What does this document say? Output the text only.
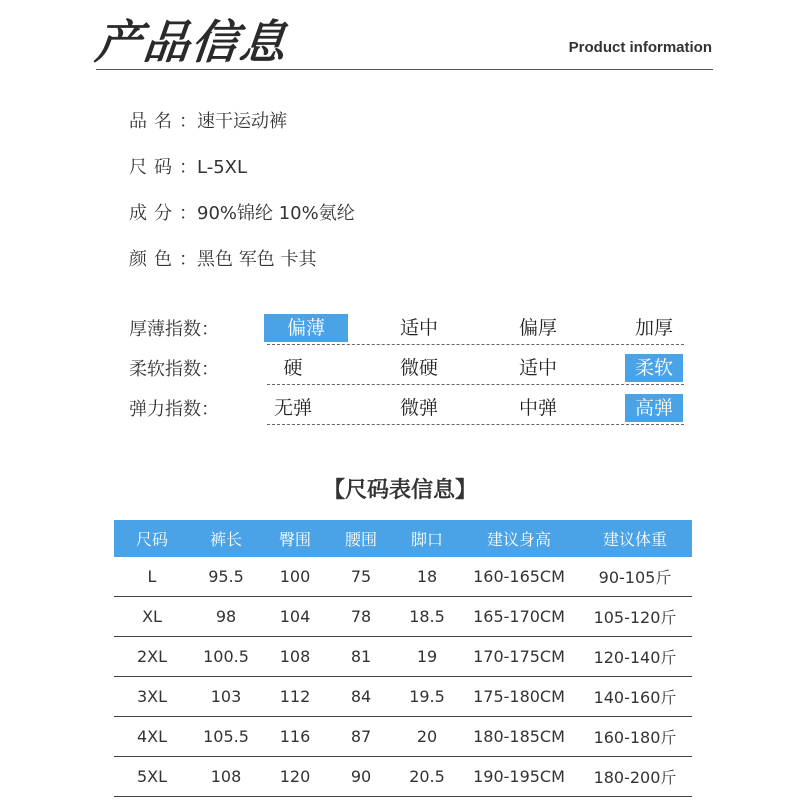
产品信息	Product information
品名：速干运动裤
尺码：L-5XL
成分：90%锦纶 10%氨纶
颜色：黑色 军色 卡其
厚薄指数：	偏薄	适中	偏厚	加厚
柔软指数：	硬	微硬	适中	柔软
弹力指数：	无弹	微弹	中弹	高弹
【尺码表信息】
尺码	裤长	臀围	腰围	脚口	建议身高	建议体重
L	95.5	100	75	18	160-165CM	90-105斤
XL	98	104	78	18.5	165-170CM	105-120斤
2XL	100.5	108	81	19	170-175CM	120-140斤
3XL	103	112	84	19.5	175-180CM	140-160斤
4XL	105.5	116	87	20	180-185CM	160-180斤
5XL	108	120	90	20.5	190-195CM	180-200斤
